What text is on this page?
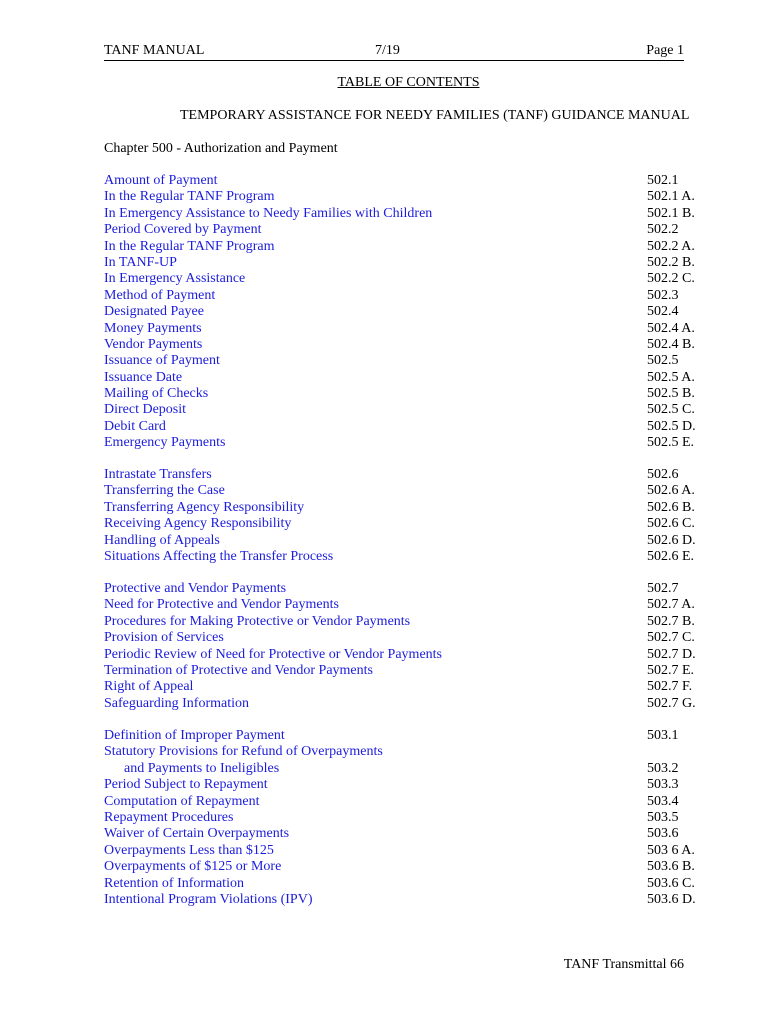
TANF MANUAL	7/19	Page 1
TABLE OF CONTENTS
TEMPORARY ASSISTANCE FOR NEEDY FAMILIES (TANF) GUIDANCE MANUAL
Chapter 500 - Authorization and Payment
Amount of Payment	502.1
In the Regular TANF Program	502.1 A.
In Emergency Assistance to Needy Families with Children	502.1 B.
Period Covered by Payment	502.2
In the Regular TANF Program	502.2 A.
In TANF-UP	502.2 B.
In Emergency Assistance	502.2 C.
Method of Payment	502.3
Designated Payee	502.4
Money Payments	502.4 A.
Vendor Payments	502.4 B.
Issuance of Payment	502.5
Issuance Date	502.5 A.
Mailing of Checks	502.5 B.
Direct Deposit	502.5 C.
Debit Card	502.5 D.
Emergency Payments	502.5 E.
Intrastate Transfers	502.6
Transferring the Case	502.6 A.
Transferring Agency Responsibility	502.6 B.
Receiving Agency Responsibility	502.6 C.
Handling of Appeals	502.6 D.
Situations Affecting the Transfer Process	502.6 E.
Protective and Vendor Payments	502.7
Need for Protective and Vendor Payments	502.7 A.
Procedures for Making Protective or Vendor Payments	502.7 B.
Provision of Services	502.7 C.
Periodic Review of Need for Protective or Vendor Payments	502.7 D.
Termination of Protective and Vendor Payments	502.7 E.
Right of Appeal	502.7 F.
Safeguarding Information	502.7 G.
Definition of Improper Payment	503.1
Statutory Provisions for Refund of Overpayments
and Payments to Ineligibles	503.2
Period Subject to Repayment	503.3
Computation of Repayment	503.4
Repayment Procedures	503.5
Waiver of Certain Overpayments	503.6
Overpayments Less than $125	503 6 A.
Overpayments of $125 or More	503.6 B.
Retention of Information	503.6 C.
Intentional Program Violations (IPV)	503.6 D.
TANF Transmittal 66
